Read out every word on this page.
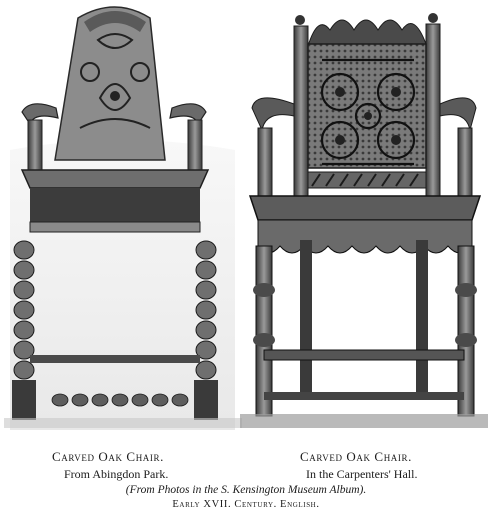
Carved Oak Chair.	Carved Oak Chair.
From Abingdon Park.	In the Carpenters' Hall.
(From Photos in the S. Kensington Museum Album).
Early XVII. Century. English.
